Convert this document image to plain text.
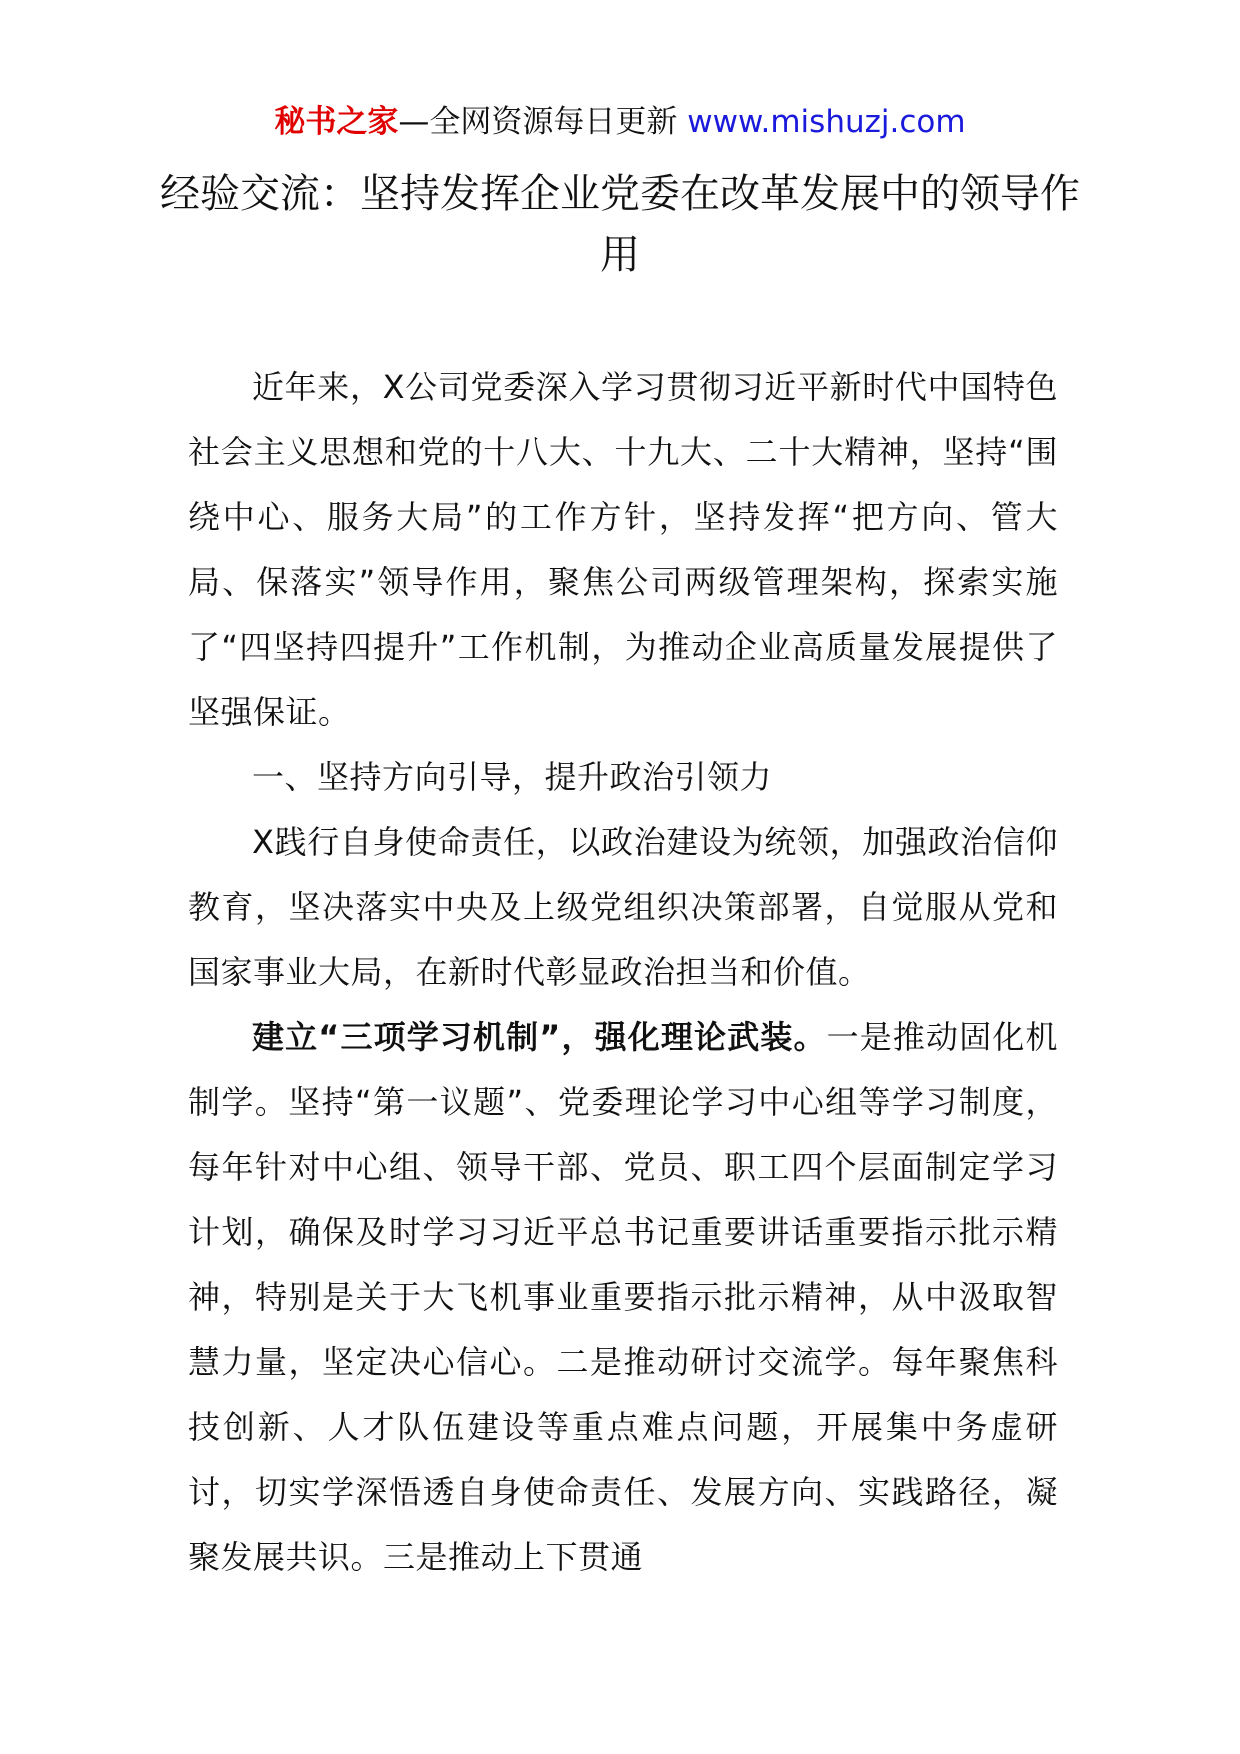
秘书之家—全网资源每日更新 www.mishuzj.com
经验交流：坚持发挥企业党委在改革发展中的领导作用

近年来，X公司党委深入学习贯彻习近平新时代中国特色社会主义思想和党的十八大、十九大、二十大精神，坚持“围绕中心、服务大局”的工作方针，坚持发挥“把方向、管大局、保落实”领导作用，聚焦公司两级管理架构，探索实施了“四坚持四提升”工作机制，为推动企业高质量发展提供了坚强保证。

一、坚持方向引导，提升政治引领力

X践行自身使命责任，以政治建设为统领，加强政治信仰教育，坚决落实中央及上级党组织决策部署，自觉服从党和国家事业大局，在新时代彰显政治担当和价值。

建立“三项学习机制”，强化理论武装。一是推动固化机制学。坚持“第一议题”、党委理论学习中心组等学习制度，每年针对中心组、领导干部、党员、职工四个层面制定学习计划，确保及时学习习近平总书记重要讲话重要指示批示精神，特别是关于大飞机事业重要指示批示精神，从中汲取智慧力量，坚定决心信心。二是推动研讨交流学。每年聚焦科技创新、人才队伍建设等重点难点问题，开展集中务虚研讨，切实学深悟透自身使命责任、发展方向、实践路径，凝聚发展共识。三是推动上下贯通
